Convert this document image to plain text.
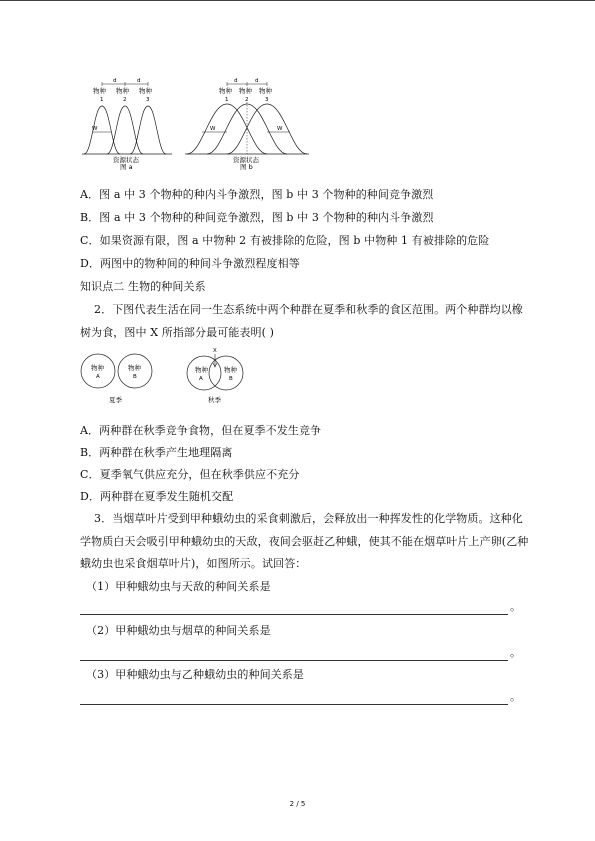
d	d
物种 物种 物种
1	2	3
W
资源状态
图 a
d	d
物种 物种 物种
1	2	3
W	W
资源状态
图 b
A．图 a 中 3 个物种的种内斗争激烈，图 b 中 3 个物种的种间竞争激烈
B．图 a 中 3 个物种的种间竞争激烈，图 b 中 3 个物种的种内斗争激烈
C．如果资源有限，图 a 中物种 2 有被排除的危险，图 b 中物种 1 有被排除的危险
D．两图中的物种间的种间斗争激烈程度相等
知识点二 生物的种间关系
2．下图代表生活在同一生态系统中两个种群在夏季和秋季的食区范围。两个种群均以橡
树为食，图中 X 所指部分最可能表明( )
物种
A
物种
B
夏季
X
物种
A
物种
B
秋季
A．两种群在秋季竞争食物，但在夏季不发生竞争
B．两种群在秋季产生地理隔离
C．夏季氧气供应充分，但在秋季供应不充分
D．两种群在夏季发生随机交配
3．当烟草叶片受到甲种蛾幼虫的采食刺激后，会释放出一种挥发性的化学物质。这种化
学物质白天会吸引甲种蛾幼虫的天敌，夜间会驱赶乙种蛾，使其不能在烟草叶片上产卵(乙种
蛾幼虫也采食烟草叶片)，如图所示。试回答：
（1）甲种蛾幼虫与天敌的种间关系是
。
（2）甲种蛾幼虫与烟草的种间关系是
。
（3）甲种蛾幼虫与乙种蛾幼虫的种间关系是
。
2 / 5
